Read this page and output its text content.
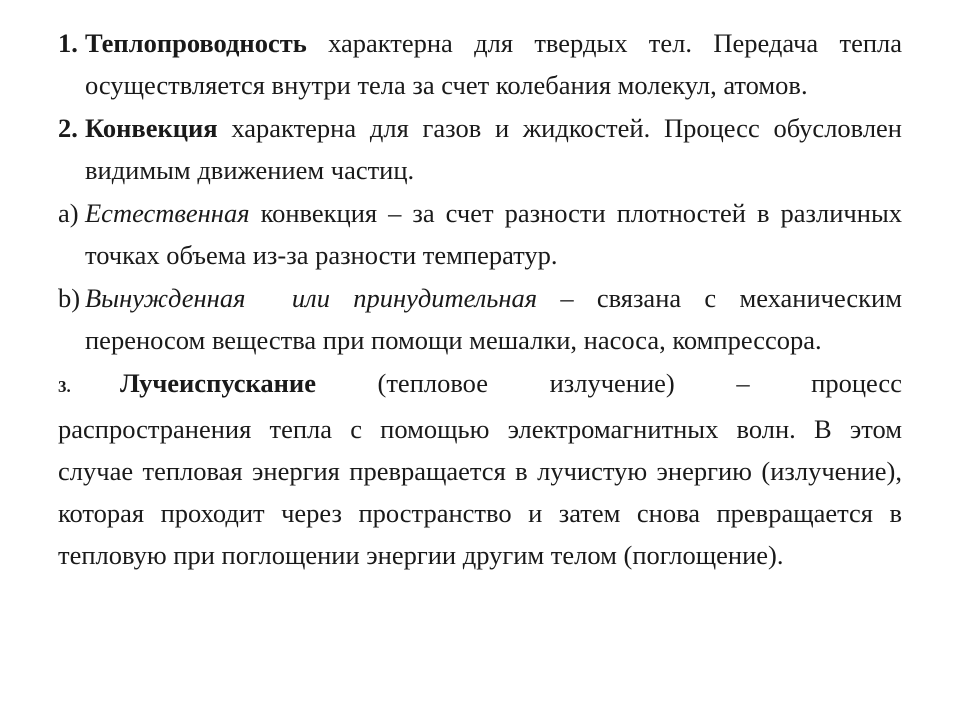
1. Теплопроводность характерна для твердых тел. Передача тепла осуществляется внутри тела за счет колебания молекул, атомов.
2. Конвекция характерна для газов и жидкостей. Процесс обусловлен видимым движением частиц.
a) Естественная конвекция – за счет разности плотностей в различных точках объема из-за разности температур.
b) Вынужденная  или принудительная – связана с механическим переносом вещества при помощи мешалки, насоса, компрессора.
3. Лучеиспускание (тепловое излучение) – процесс
распространения тепла с помощью электромагнитных волн. В этом случае тепловая энергия превращается в лучистую энергию (излучение), которая проходит через пространство и затем снова превращается в тепловую при поглощении энергии другим телом (поглощение).
